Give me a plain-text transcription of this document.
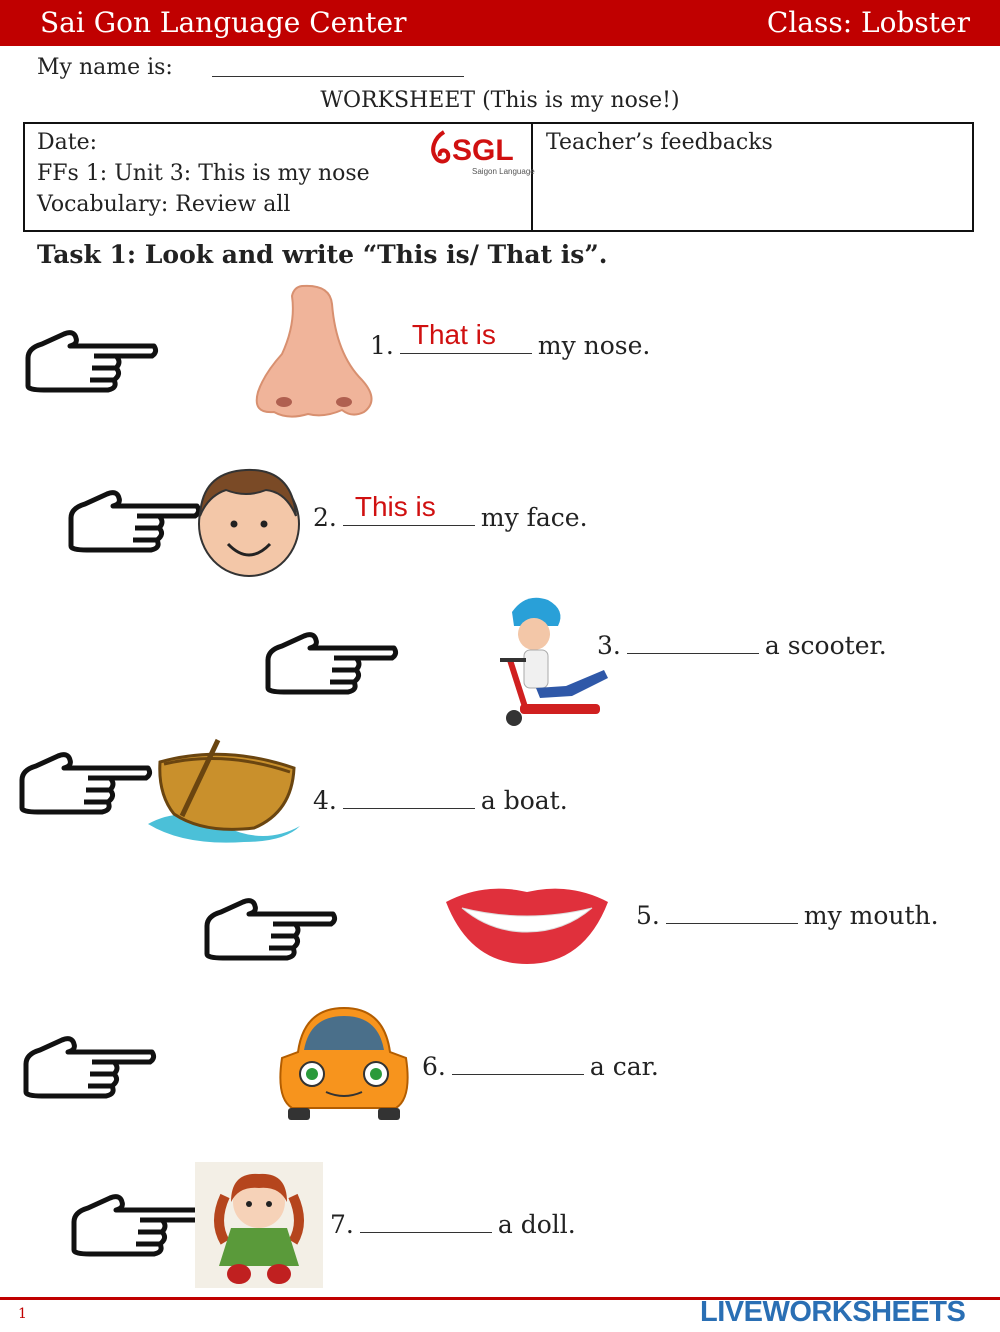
Sai Gon Language Center	Class: Lobster
My name is:
WORKSHEET (This is my nose!)
Date:
FFs 1: Unit 3: This is my nose
Vocabulary: Review all
Teacher’s feedbacks
SGL
Saigon Language
Task 1: Look and write “This is/ That is”.
1. That is my nose.
2. This is my face.
3.	a scooter.
4.	a boat.
5.	my mouth.
6.	a car.
7.	a doll.
1	LIVEWORKSHEETS
